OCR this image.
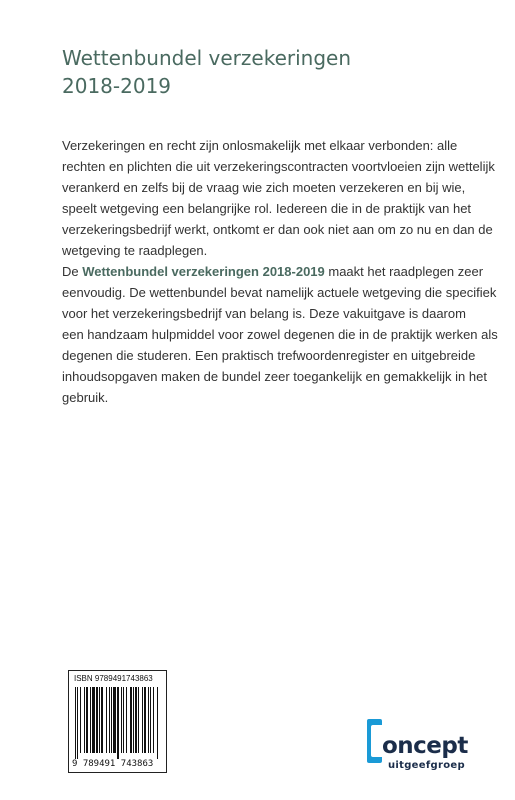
Wettenbundel verzekeringen
2018-2019
Verzekeringen en recht zijn onlosmakelijk met elkaar verbonden: alle
rechten en plichten die uit verzekeringscontracten voortvloeien zijn wettelijk
verankerd en zelfs bij de vraag wie zich moeten verzekeren en bij wie,
speelt wetgeving een belangrijke rol. Iedereen die in de praktijk van het
verzekeringsbedrijf werkt, ontkomt er dan ook niet aan om zo nu en dan de
wetgeving te raadplegen.
De Wettenbundel verzekeringen 2018-2019 maakt het raadplegen zeer
eenvoudig. De wettenbundel bevat namelijk actuele wetgeving die specifiek
voor het verzekeringsbedrijf van belang is. Deze vakuitgave is daarom
een handzaam hulpmiddel voor zowel degenen die in de praktijk werken als
degenen die studeren. Een praktisch trefwoordenregister en uitgebreide
inhoudsopgaven maken de bundel zeer toegankelijk en gemakkelijk in het
gebruik.
ISBN 9789491743863
9 789491 743863
oncept
uitgeefgroep
